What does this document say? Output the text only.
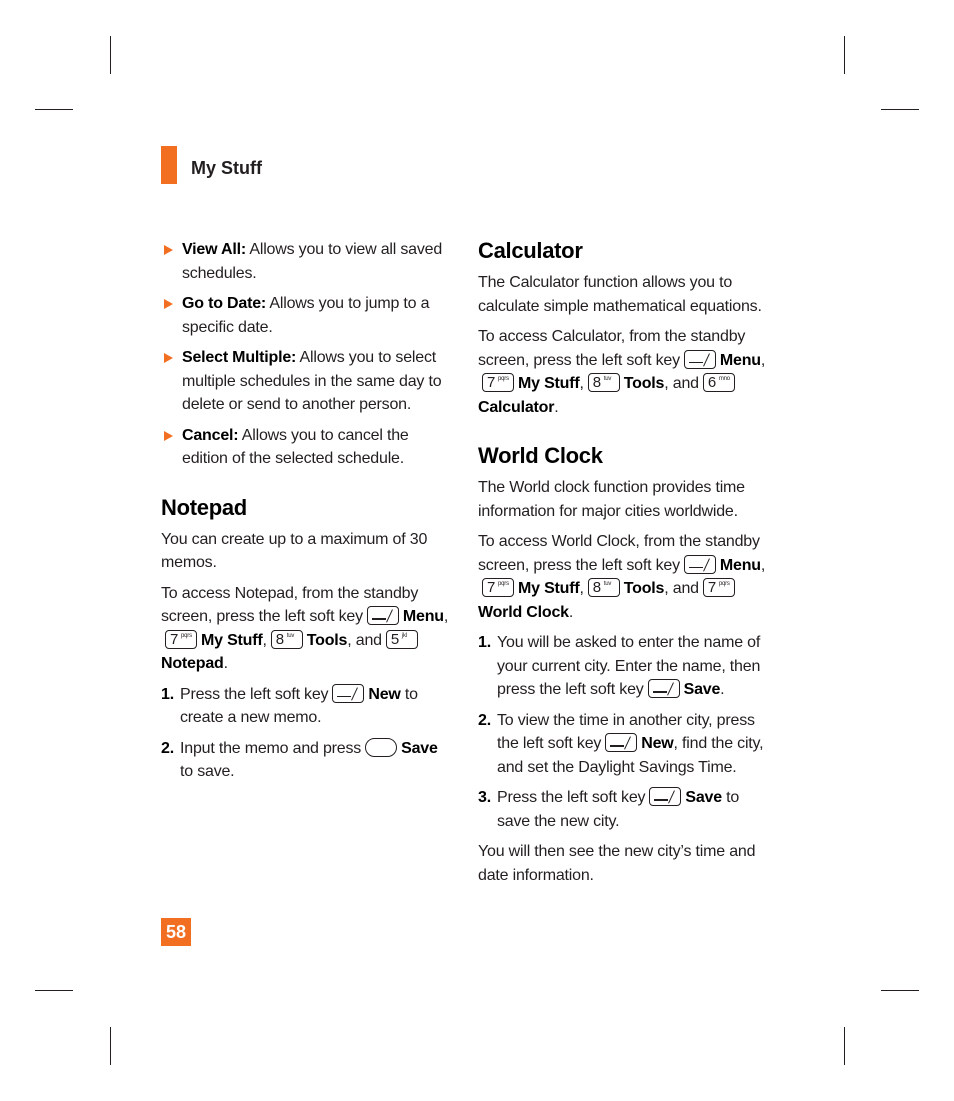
My Stuff
View All: Allows you to view all saved schedules.
Go to Date: Allows you to jump to a specific date.
Select Multiple: Allows you to select multiple schedules in the same day to delete or send to another person.
Cancel: Allows you to cancel the edition of the selected schedule.
Notepad

You can create up to a maximum of 30 memos.

To access Notepad, from the standby screen, press the left soft key	Menu,
7 pqrs My Stuff, 8 tuv Tools, and 5 jkl
Notepad.

1. Press the left soft key	New to create a new memo.
2. Input the memo and press	Save to save.
Calculator

The Calculator function allows you to calculate simple mathematical equations.

To access Calculator, from the standby screen, press the left soft key	Menu,
7 pqrs My Stuff, 8 tuv Tools, and 6 mno
Calculator.

World Clock

The World clock function provides time information for major cities worldwide.

To access World Clock, from the standby screen, press the left soft key	Menu,
7 pqrs My Stuff, 8 tuv Tools, and 7 pqrs
World Clock.

1. You will be asked to enter the name of your current city. Enter the name, then press the left soft key	Save.
2. To view the time in another city, press the left soft key	New, find the city, and set the Daylight Savings Time.
3. Press the left soft key	Save to save the new city.

You will then see the new city’s time and date information.

58
